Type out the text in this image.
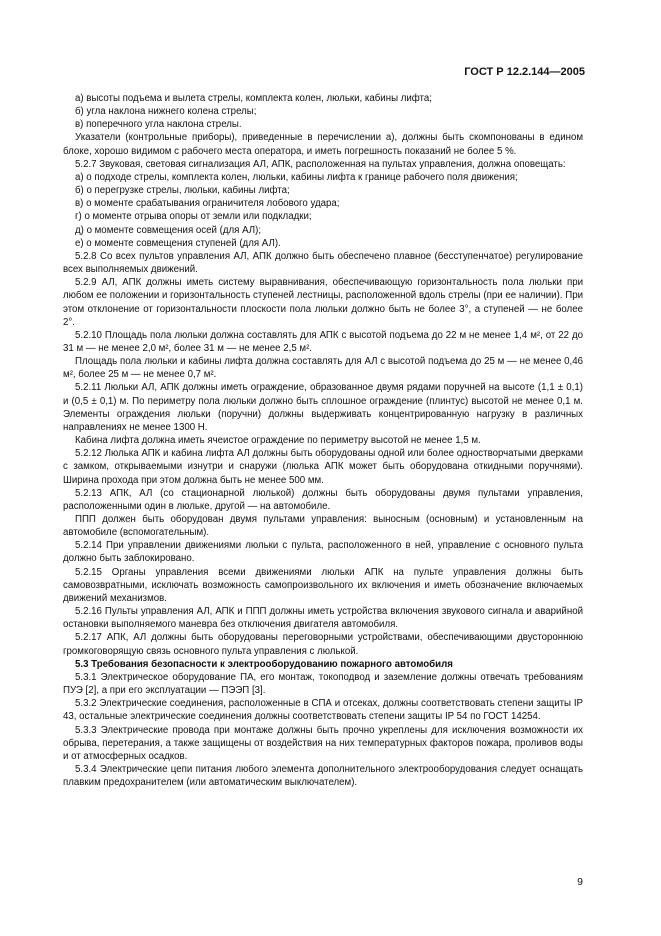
ГОСТ Р 12.2.144—2005

а) высоты подъема и вылета стрелы, комплекта колен, люльки, кабины лифта;

б) угла наклона нижнего колена стрелы;

в) поперечного угла наклона стрелы.

Указатели (контрольные приборы), приведенные в перечислении а), должны быть скомпонованы в едином блоке, хорошо видимом с рабочего места оператора, и иметь погрешность показаний не более 5 %.

5.2.7 Звуковая, световая сигнализация АЛ, АПК, расположенная на пультах управления, должна оповещать:

а) о подходе стрелы, комплекта колен, люльки, кабины лифта к границе рабочего поля движения;

б) о перегрузке стрелы, люльки, кабины лифта;

в) о моменте срабатывания ограничителя лобового удара;

г) о моменте отрыва опоры от земли или подкладки;

д) о моменте совмещения осей (для АЛ);

е) о моменте совмещения ступеней (для АЛ).

5.2.8 Со всех пультов управления АЛ, АПК должно быть обеспечено плавное (бесступенчатое) регулирование всех выполняемых движений.

5.2.9 АЛ, АПК должны иметь систему выравнивания, обеспечивающую горизонтальность пола люльки при любом ее положении и горизонтальность ступеней лестницы, расположенной вдоль стрелы (при ее наличии). При этом отклонение от горизонтальности плоскости пола люльки должно быть не более 3°, а ступеней — не более 2°.

5.2.10 Площадь пола люльки должна составлять для АПК с высотой подъема до 22 м не менее 1,4 м², от 22 до 31 м — не менее 2,0 м², более 31 м — не менее 2,5 м².

Площадь пола люльки и кабины лифта должна составлять для АЛ с высотой подъема до 25 м — не менее 0,46 м², более 25 м — не менее 0,7 м².

5.2.11 Люльки АЛ, АПК должны иметь ограждение, образованное двумя рядами поручней на высоте (1,1 ± 0,1) и (0,5 ± 0,1) м. По периметру пола люльки должно быть сплошное ограждение (плинтус) высотой не менее 0,1 м. Элементы ограждения люльки (поручни) должны выдерживать концентрированную нагрузку в различных направлениях не менее 1300 Н.

Кабина лифта должна иметь ячеистое ограждение по периметру высотой не менее 1,5 м.

5.2.12 Люлька АПК и кабина лифта АЛ должны быть оборудованы одной или более одностворчатыми дверками с замком, открываемыми изнутри и снаружи (люлька АПК может быть оборудована откидными поручнями). Ширина прохода при этом должна быть не менее 500 мм.

5.2.13 АПК, АЛ (со стационарной люлькой) должны быть оборудованы двумя пультами управления, расположенными один в люльке, другой — на автомобиле.

ППП должен быть оборудован двумя пультами управления: выносным (основным) и установленным на автомобиле (вспомогательным).

5.2.14 При управлении движениями люльки с пульта, расположенного в ней, управление с основного пульта должно быть заблокировано.

5.2.15 Органы управления всеми движениями люльки АПК на пульте управления должны быть самовозвратными, исключать возможность самопроизвольного их включения и иметь обозначение включаемых движений механизмов.

5.2.16 Пульты управления АЛ, АПК и ППП должны иметь устройства включения звукового сигнала и аварийной остановки выполняемого маневра без отключения двигателя автомобиля.

5.2.17 АПК, АЛ должны быть оборудованы переговорными устройствами, обеспечивающими двустороннюю громкоговорящую связь основного пульта управления с люлькой.

5.3 Требования безопасности к электрооборудованию пожарного автомобиля

5.3.1 Электрическое оборудование ПА, его монтаж, токоподвод и заземление должны отвечать требованиям ПУЭ [2], а при его эксплуатации — ПЭЭП [3].

5.3.2 Электрические соединения, расположенные в СПА и отсеках, должны соответствовать степени защиты IP 43, остальные электрические соединения должны соответствовать степени защиты IP 54 по ГОСТ 14254.

5.3.3 Электрические провода при монтаже должны быть прочно укреплены для исключения возможности их обрыва, перетерания, а также защищены от воздействия на них температурных факторов пожара, проливов воды и от атмосферных осадков.

5.3.4 Электрические цепи питания любого элемента дополнительного электрооборудования следует оснащать плавким предохранителем (или автоматическим выключателем).

9
